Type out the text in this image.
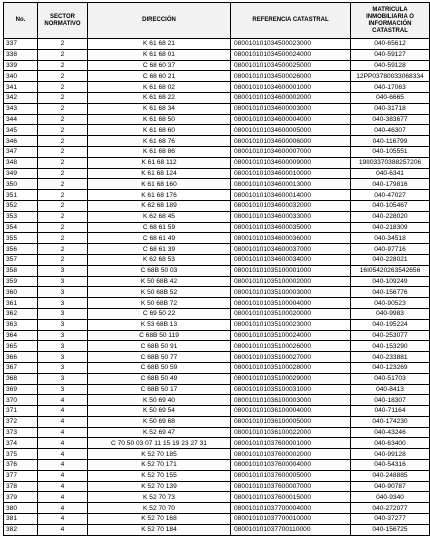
No.	SECTOR NORMATIVO	DIRECCIÓN	REFERENCIA CATASTRAL	MATRICULA INMOBILIARIA O INFORMACIÓN CATASTRAL
337	2	K 61 68 21	080010101034500023000	040-65612
338	2	K 61 68 01	080010101034500024000	040-59127
339	2	C 68 60 37	080010101034500025000	040-59128
340	2	C 68 60 21	080010101034500026000	12PP03780033068334
341	2	K 61 68 02	080010101034600001000	040-17063
342	2	K 61 68 22	080010101034600002000	040-6665
343	2	K 61 68 34	080010101034600003000	040-31718
344	2	K 61 68 50	080010101034600004000	040-383677
345	2	K 61 68 60	080010101034600005000	040-46307
346	2	K 61 68 76	080010101034600006000	040-116799
347	2	K 61 68 86	080010101034600007000	040-105551
348	2	K 61 68 112	080010101034600009000	19II03370388257206
349	2	K 61 68 124	080010101034600010000	040-6341
350	2	K 61 68 160	080010101034600013000	040-179816
351	2	K 61 68 176	080010101034600014000	040-47027
352	2	K 62 68 189	080010101034600032000	040-105467
353	2	K 62 68 45	080010101034600033000	040-228020
354	2	C 68 61 59	080010101034600035000	040-218309
355	2	C 68 61 49	080010101034600036000	040-34518
356	2	C 68 61 39	080010101034600037000	040-97716
357	2	K 62 68 53	080010101034600034000	040-228021
358	3	C 68B 50 03	080010101035100001000	16I05420263542656
359	3	K 50 68B 42	080010101035100002000	040-109249
360	3	K 50 68B 52	080010101035100003000	040-156776
361	3	K 50 68B 72	080010101035100004000	040-90523
362	3	C 69 50 22	080010101035100020000	040-9983
363	3	K 53 68B 13	080010101035100023000	040-195224
364	3	C 68B 50 119	080010101035100024000	040-253077
365	3	C 68B 50 91	080010101035100026000	040-153290
366	3	C 68B 50 77	080010101035100027000	040-233881
367	3	C 68B 50 59	080010101035100028000	040-123269
368	3	C 68B 50 49	080010101035100029000	040-51703
369	3	C 68B 50 17	080010101035100031000	040-8413
370	4	K 50 69 40	080010101036100003000	040-18307
371	4	K 50 69 54	080010101036100004000	040-71164
372	4	K 50 69 68	080010101036100005000	040-174230
373	4	K 52 69 47	080010101036100022000	040-43246
374	4	C 70 50 03 07 11 15 19 23 27 31	080010101037600001000	040-63400
375	4	K 52 70 185	080010101037600002000	040-99128
376	4	K 52 70 171	080010101037600004000	040-54316
377	4	K 52 70 155	080010101037600005000	040-248885
378	4	K 52 70 139	080010101037600007000	040-90787
379	4	K 52 70 73	080010101037600015000	040-9340
380	4	K 52 70 70	080010101037700004000	040-272077
381	4	K 52 70 168	080010101037700010000	040-37277
382	4	K 52 70 184	080010101037700110000	040-156725
